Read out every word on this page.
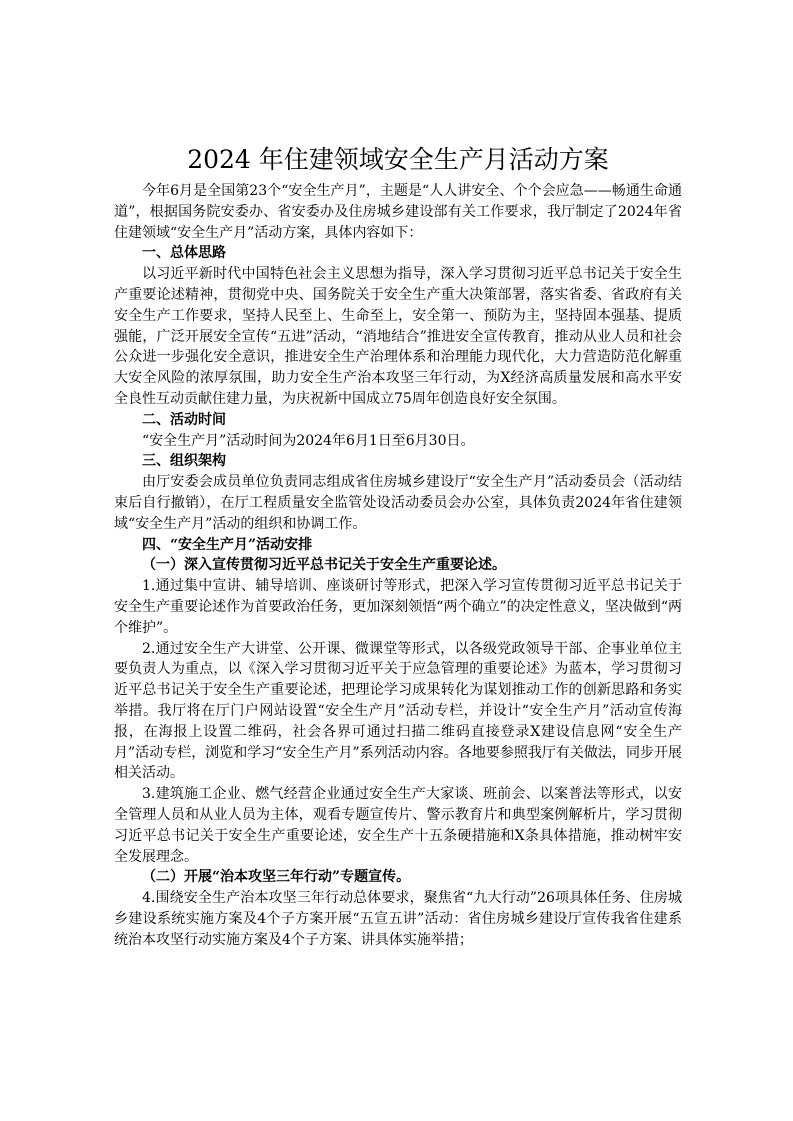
2024 年住建领域安全生产月活动方案

今年6月是全国第23个“安全生产月”，主题是“人人讲安全、个个会应急——畅通生命通道”，根据国务院安委办、省安委办及住房城乡建设部有关工作要求，我厅制定了2024年省住建领域“安全生产月”活动方案，具体内容如下：

一、总体思路

以习近平新时代中国特色社会主义思想为指导，深入学习贯彻习近平总书记关于安全生产重要论述精神，贯彻党中央、国务院关于安全生产重大决策部署，落实省委、省政府有关安全生产工作要求，坚持人民至上、生命至上，安全第一、预防为主，坚持固本强基、提质强能，广泛开展安全宣传“五进”活动，“消地结合”推进安全宣传教育，推动从业人员和社会公众进一步强化安全意识，推进安全生产治理体系和治理能力现代化，大力营造防范化解重大安全风险的浓厚氛围，助力安全生产治本攻坚三年行动，为X经济高质量发展和高水平安全良性互动贡献住建力量，为庆祝新中国成立75周年创造良好安全氛围。

二、活动时间

“安全生产月”活动时间为2024年6月1日至6月30日。

三、组织架构

由厅安委会成员单位负责同志组成省住房城乡建设厅“安全生产月”活动委员会（活动结束后自行撤销），在厅工程质量安全监管处设活动委员会办公室，具体负责2024年省住建领域“安全生产月”活动的组织和协调工作。

四、“安全生产月”活动安排

（一）深入宣传贯彻习近平总书记关于安全生产重要论述。

1.通过集中宣讲、辅导培训、座谈研讨等形式，把深入学习宣传贯彻习近平总书记关于安全生产重要论述作为首要政治任务，更加深刻领悟“两个确立”的决定性意义，坚决做到“两个维护”。

2.通过安全生产大讲堂、公开课、微课堂等形式，以各级党政领导干部、企事业单位主要负责人为重点，以《深入学习贯彻习近平关于应急管理的重要论述》为蓝本，学习贯彻习近平总书记关于安全生产重要论述，把理论学习成果转化为谋划推动工作的创新思路和务实举措。我厅将在厅门户网站设置“安全生产月”活动专栏，并设计“安全生产月”活动宣传海报，在海报上设置二维码，社会各界可通过扫描二维码直接登录X建设信息网“安全生产月”活动专栏，浏览和学习“安全生产月”系列活动内容。各地要参照我厅有关做法，同步开展相关活动。

3.建筑施工企业、燃气经营企业通过安全生产大家谈、班前会、以案普法等形式，以安全管理人员和从业人员为主体，观看专题宣传片、警示教育片和典型案例解析片，学习贯彻习近平总书记关于安全生产重要论述，安全生产十五条硬措施和X条具体措施，推动树牢安全发展理念。

（二）开展“治本攻坚三年行动”专题宣传。

4.围绕安全生产治本攻坚三年行动总体要求，聚焦省“九大行动”26项具体任务、住房城乡建设系统实施方案及4个子方案开展“五宣五讲”活动：省住房城乡建设厅宣传我省住建系统治本攻坚行动实施方案及4个子方案、讲具体实施举措；
